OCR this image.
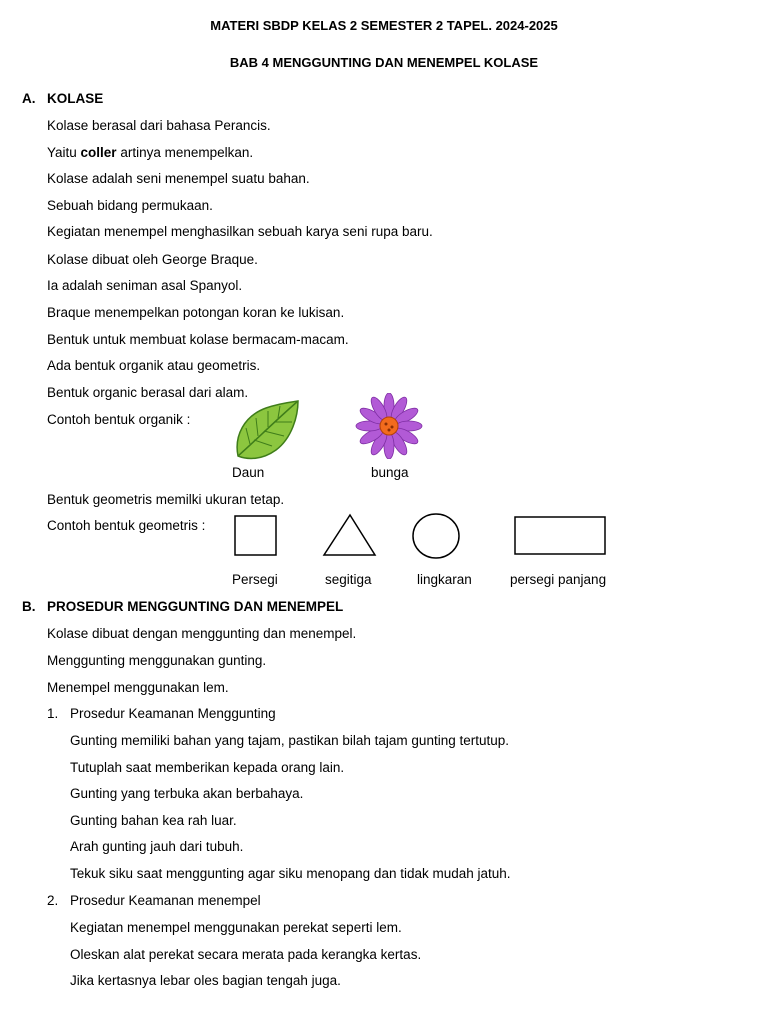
MATERI SBDP KELAS 2 SEMESTER 2 TAPEL. 2024-2025
BAB 4 MENGGUNTING DAN MENEMPEL KOLASE
A. KOLASE
Kolase berasal dari bahasa Perancis.
Yaitu coller artinya menempelkan.
Kolase adalah seni menempel suatu bahan.
Sebuah bidang permukaan.
Kegiatan menempel menghasilkan sebuah karya seni rupa baru.
Kolase dibuat oleh George Braque.
Ia adalah seniman asal Spanyol.
Braque menempelkan potongan koran ke lukisan.
Bentuk untuk membuat kolase bermacam-macam.
Ada bentuk organik atau geometris.
Bentuk organic berasal dari alam.
Contoh bentuk organik :
Daun	bunga
Bentuk geometris memilki ukuran tetap.
Contoh bentuk geometris :
Persegi	segitiga	lingkaran	persegi panjang
B. PROSEDUR MENGGUNTING DAN MENEMPEL
Kolase dibuat dengan menggunting dan menempel.
Menggunting menggunakan gunting.
Menempel menggunakan lem.
1. Prosedur Keamanan Menggunting
Gunting memiliki bahan yang tajam, pastikan bilah tajam gunting tertutup.
Tutuplah saat memberikan kepada orang lain.
Gunting yang terbuka akan berbahaya.
Gunting bahan kea rah luar.
Arah gunting jauh dari tubuh.
Tekuk siku saat menggunting agar siku menopang dan tidak mudah jatuh.
2. Prosedur Keamanan menempel
Kegiatan menempel menggunakan perekat seperti lem.
Oleskan alat perekat secara merata pada kerangka kertas.
Jika kertasnya lebar oles bagian tengah juga.
